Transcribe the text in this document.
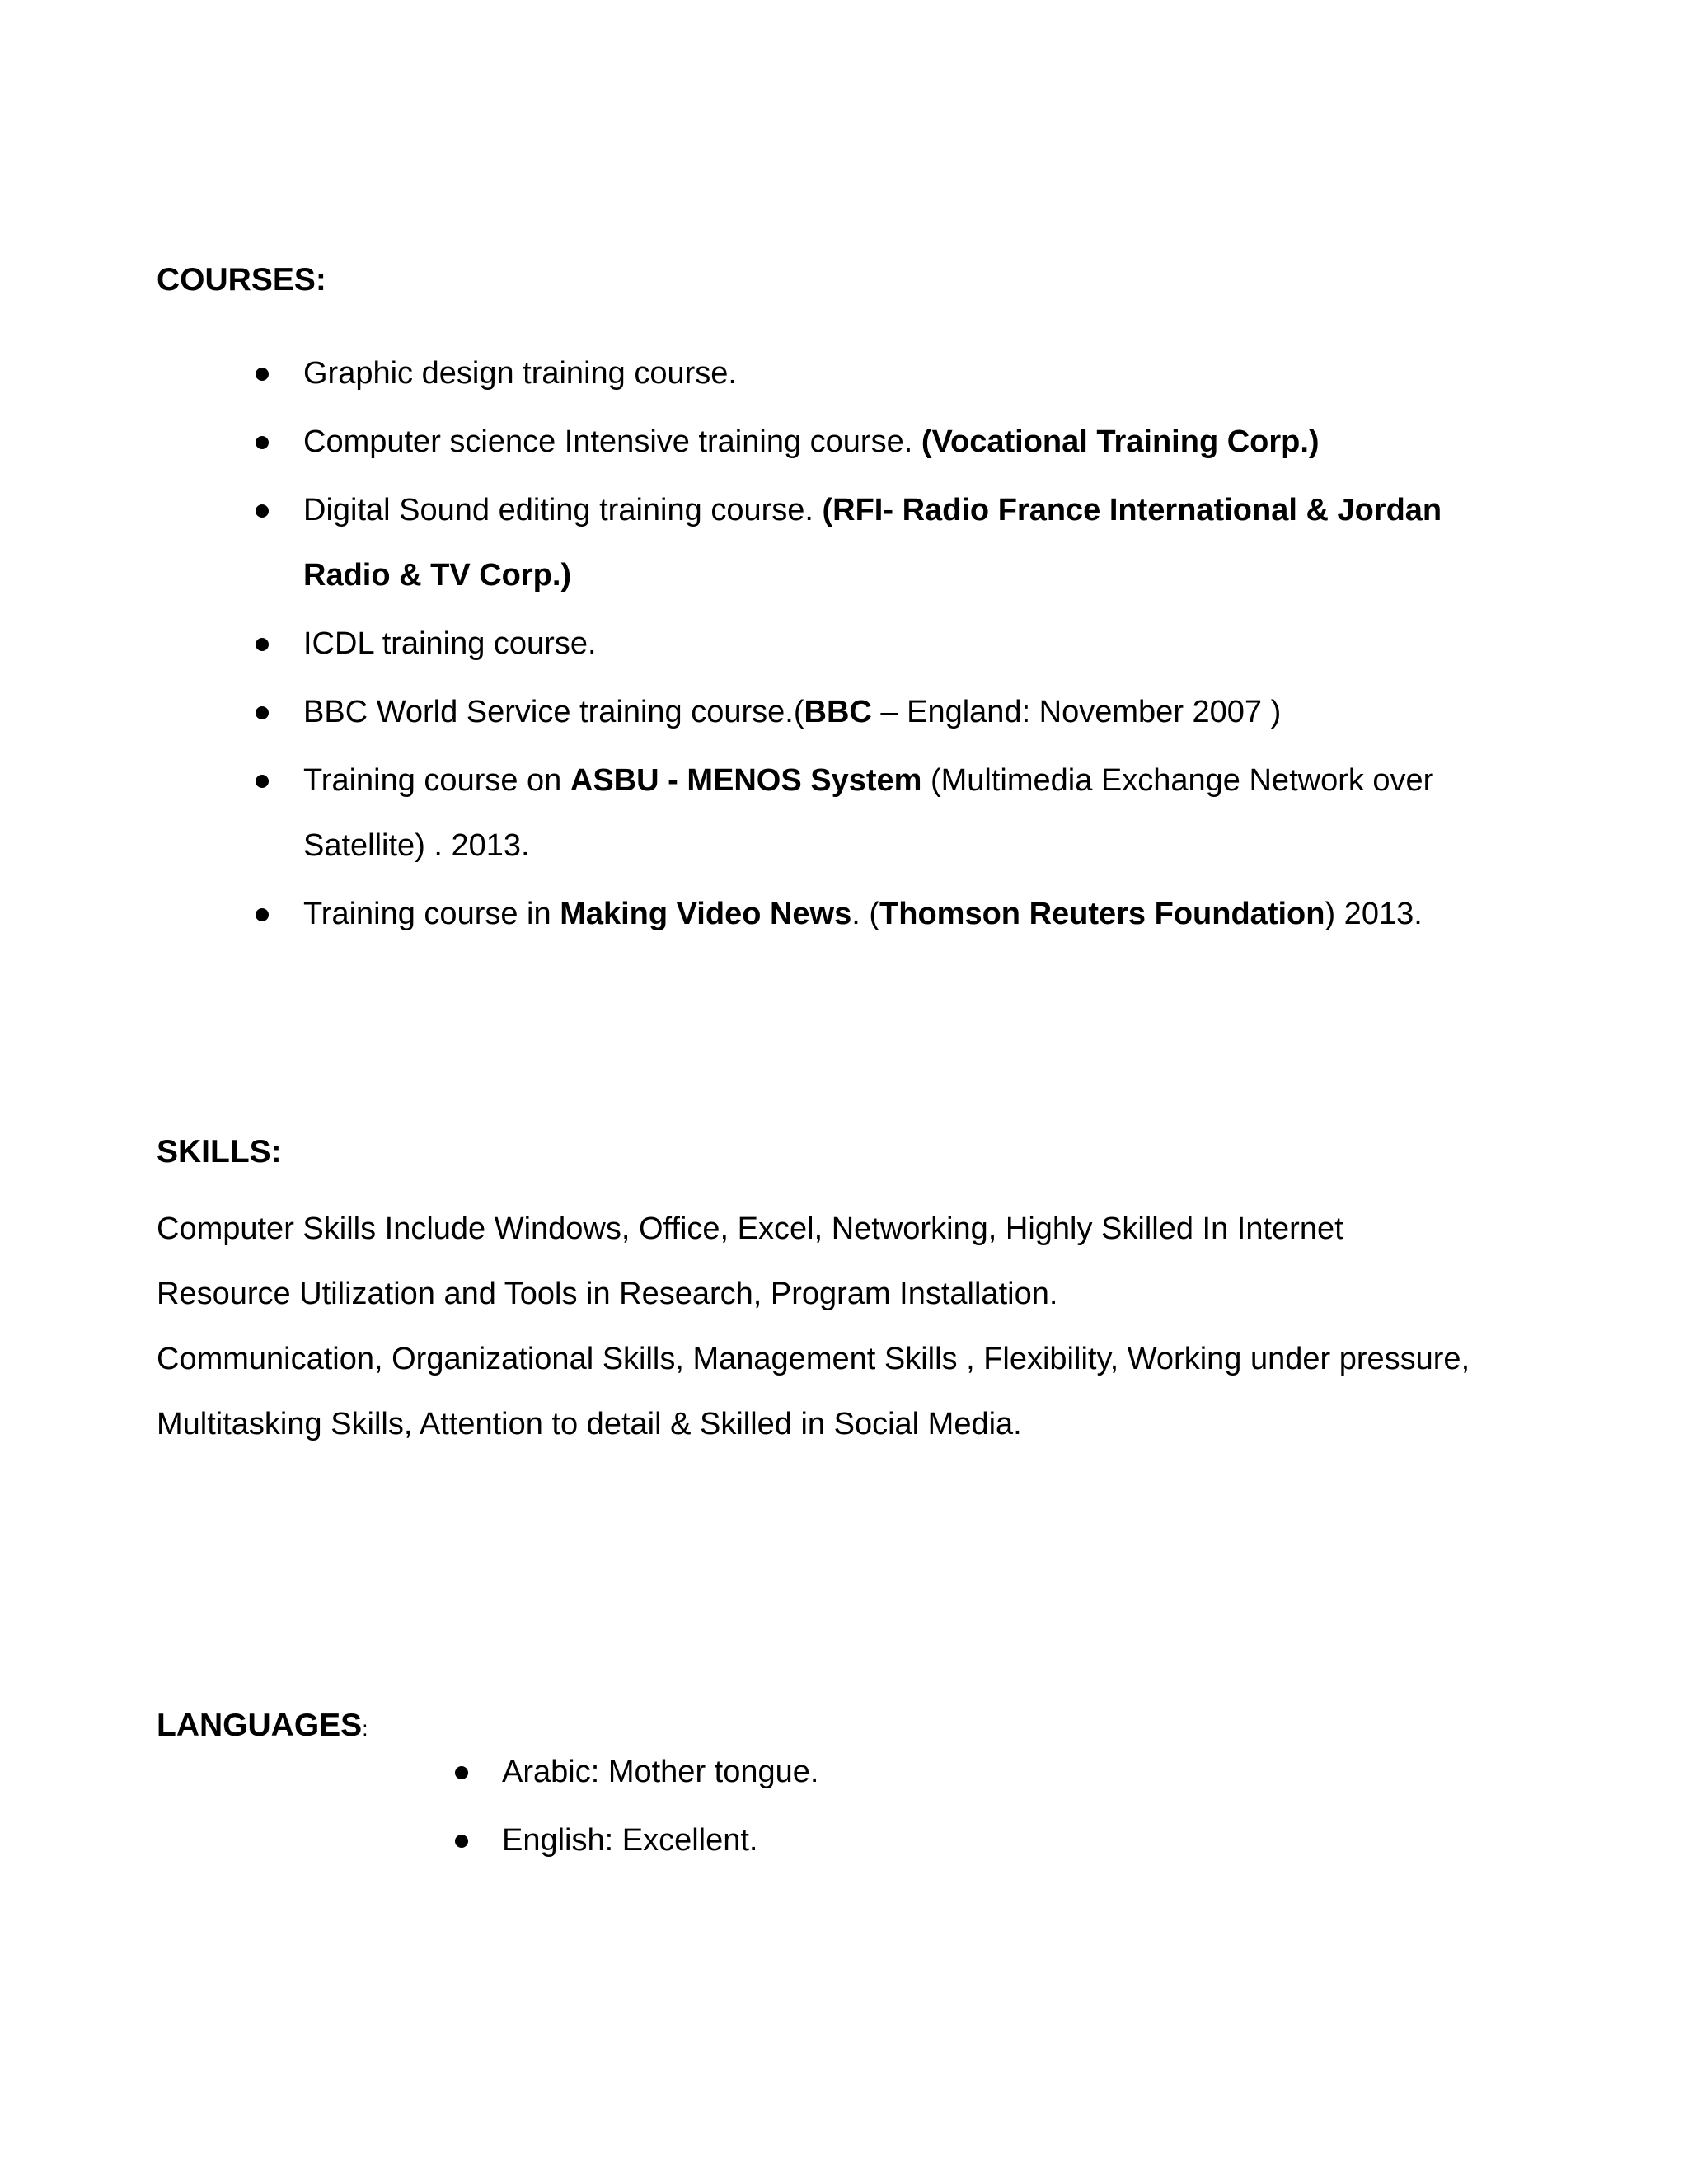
COURSES:
Graphic design training course.
Computer science Intensive training course. (Vocational Training Corp.)
Digital Sound editing training course. (RFI- Radio France International & Jordan Radio & TV Corp.)
ICDL training course.
BBC World Service training course.(BBC – England: November 2007 )
Training course on ASBU - MENOS System (Multimedia Exchange Network over Satellite) . 2013.
Training course in Making Video News. (Thomson Reuters Foundation) 2013.
SKILLS:

Computer Skills Include Windows, Office, Excel, Networking, Highly Skilled In Internet Resource Utilization and Tools in Research, Program Installation.

Communication, Organizational Skills, Management Skills , Flexibility, Working under pressure, Multitasking Skills, Attention to detail & Skilled in Social Media.

LANGUAGES:
Arabic: Mother tongue.
English: Excellent.
